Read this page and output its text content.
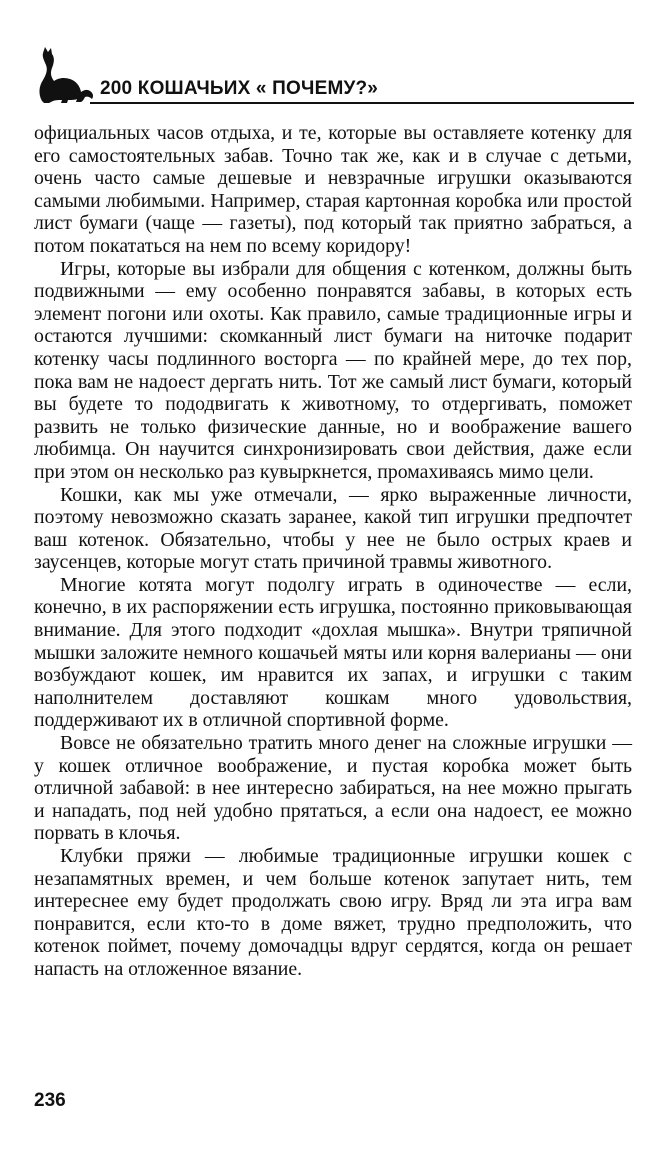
200 КОШАЧЬИХ « ПОЧЕМУ?»

официальных часов отдыха, и те, которые вы оставляете котенку для его самостоятельных забав. Точно так же, как и в случае с детьми, очень часто самые дешевые и невзрачные игрушки оказываются самыми любимыми. Например, старая картонная коробка или простой лист бумаги (чаще — газеты), под который так приятно забраться, а потом покататься на нем по всему коридору!

Игры, которые вы избрали для общения с котенком, должны быть подвижными — ему особенно понравятся забавы, в которых есть элемент погони или охоты. Как правило, самые традиционные игры и остаются лучшими: скомканный лист бумаги на ниточке подарит котенку часы подлинного восторга — по крайней мере, до тех пор, пока вам не надоест дергать нить. Тот же самый лист бумаги, который вы будете то пододвигать к животному, то отдергивать, поможет развить не только физические данные, но и воображение вашего любимца. Он научится синхронизировать свои действия, даже если при этом он несколько раз кувыркнется, промахиваясь мимо цели.

Кошки, как мы уже отмечали, — ярко выраженные личности, поэтому невозможно сказать заранее, какой тип игрушки предпочтет ваш котенок. Обязательно, чтобы у нее не было острых краев и заусенцев, которые могут стать причиной травмы животного.

Многие котята могут подолгу играть в одиночестве — если, конечно, в их распоряжении есть игрушка, постоянно приковывающая внимание. Для этого подходит «дохлая мышка». Внутри тряпичной мышки заложите немного кошачьей мяты или корня валерианы — они возбуждают кошек, им нравится их запах, и игрушки с таким наполнителем доставляют кошкам много удовольствия, поддерживают их в отличной спортивной форме.

Вовсе не обязательно тратить много денег на сложные игрушки — у кошек отличное воображение, и пустая коробка может быть отличной забавой: в нее интересно забираться, на нее можно прыгать и нападать, под ней удобно прятаться, а если она надоест, ее можно порвать в клочья.

Клубки пряжи — любимые традиционные игрушки кошек с незапамятных времен, и чем больше котенок запутает нить, тем интереснее ему будет продолжать свою игру. Вряд ли эта игра вам понравится, если кто-то в доме вяжет, трудно предположить, что котенок поймет, почему домочадцы вдруг сердятся, когда он решает напасть на отложенное вязание.

236
